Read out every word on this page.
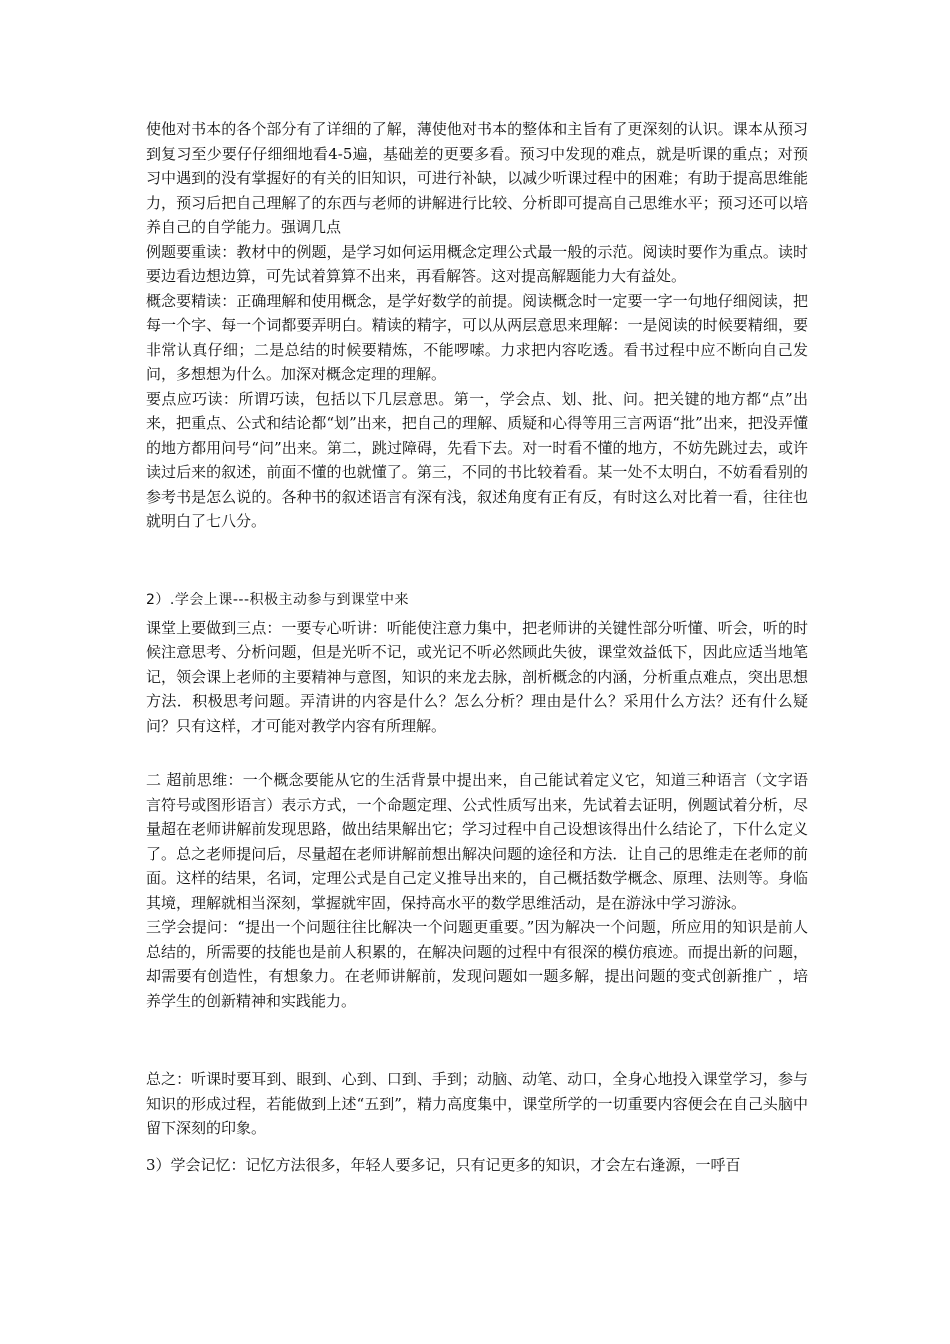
使他对书本的各个部分有了详细的了解，薄使他对书本的整体和主旨有了更深刻的认识。课本从预习到复习至少要仔仔细细地看4-5遍，基础差的更要多看。预习中发现的难点，就是听课的重点；对预习中遇到的没有掌握好的有关的旧知识，可进行补缺，以减少听课过程中的困难；有助于提高思维能力，预习后把自己理解了的东西与老师的讲解进行比较、分析即可提高自己思维水平；预习还可以培养自己的自学能力。强调几点

例题要重读：教材中的例题，是学习如何运用概念定理公式最一般的示范。阅读时要作为重点。读时要边看边想边算，可先试着算算不出来，再看解答。这对提高解题能力大有益处。

概念要精读：正确理解和使用概念，是学好数学的前提。阅读概念时一定要一字一句地仔细阅读，把每一个字、每一个词都要弄明白。精读的精字，可以从两层意思来理解：一是阅读的时候要精细，要非常认真仔细；二是总结的时候要精炼，不能啰嗦。力求把内容吃透。看书过程中应不断向自己发问，多想想为什么。加深对概念定理的理解。

要点应巧读：所谓巧读，包括以下几层意思。第一，学会点、划、批、问。把关键的地方都“点”出来，把重点、公式和结论都“划”出来，把自己的理解、质疑和心得等用三言两语“批”出来，把没弄懂的地方都用问号“问”出来。第二，跳过障碍，先看下去。对一时看不懂的地方，不妨先跳过去，或许读过后来的叙述，前面不懂的也就懂了。第三，不同的书比较着看。某一处不太明白，不妨看看别的参考书是怎么说的。各种书的叙述语言有深有浅，叙述角度有正有反，有时这么对比着一看，往往也就明白了七八分。

2）.学会上课---积极主动参与到课堂中来

课堂上要做到三点：一要专心听讲：听能使注意力集中，把老师讲的关键性部分听懂、听会，听的时候注意思考、分析问题，但是光听不记，或光记不听必然顾此失彼，课堂效益低下，因此应适当地笔记，领会课上老师的主要精神与意图，知识的来龙去脉，剖析概念的内涵，分析重点难点，突出思想方法．积极思考问题。弄清讲的内容是什么？怎么分析？理由是什么？采用什么方法？还有什么疑问？只有这样，才可能对教学内容有所理解。

二 超前思维：一个概念要能从它的生活背景中提出来，自己能试着定义它，知道三种语言（文字语言符号或图形语言）表示方式，一个命题定理、公式性质写出来，先试着去证明，例题试着分析，尽量超在老师讲解前发现思路，做出结果解出它；学习过程中自己设想该得出什么结论了，下什么定义了。总之老师提问后，尽量超在老师讲解前想出解决问题的途径和方法．让自己的思维走在老师的前面。这样的结果，名词，定理公式是自己定义推导出来的，自己概括数学概念、原理、法则等。身临其境，理解就相当深刻，掌握就牢固，保持高水平的数学思维活动，是在游泳中学习游泳。

三学会提问：“提出一个问题往往比解决一个问题更重要。”因为解决一个问题，所应用的知识是前人总结的，所需要的技能也是前人积累的，在解决问题的过程中有很深的模仿痕迹。而提出新的问题，却需要有创造性，有想象力。在老师讲解前，发现问题如一题多解，提出问题的变式创新推广 ，培养学生的创新精神和实践能力。

总之：听课时要耳到、眼到、心到、口到、手到；动脑、动笔、动口，全身心地投入课堂学习，参与知识的形成过程，若能做到上述“五到”，精力高度集中，课堂所学的一切重要内容便会在自己头脑中留下深刻的印象。

3）学会记忆：记忆方法很多，年轻人要多记，只有记更多的知识，才会左右逢源，一呼百
